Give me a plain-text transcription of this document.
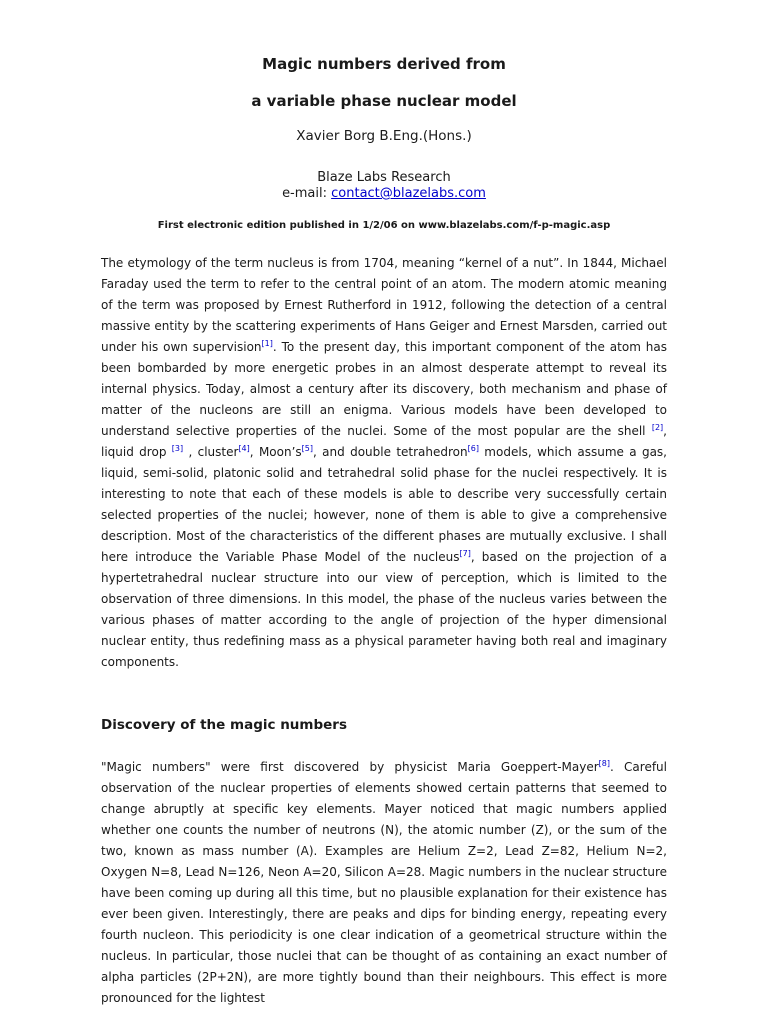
Magic numbers derived from
a variable phase nuclear model
Xavier Borg B.Eng.(Hons.)
Blaze Labs Research
e-mail: contact@blazelabs.com
First electronic edition published in 1/2/06 on www.blazelabs.com/f-p-magic.asp

The etymology of the term nucleus is from 1704, meaning “kernel of a nut”. In 1844, Michael Faraday used the term to refer to the central point of an atom. The modern atomic meaning of the term was proposed by Ernest Rutherford in 1912, following the detection of a central massive entity by the scattering experiments of Hans Geiger and Ernest Marsden, carried out under his own supervision[1]. To the present day, this important component of the atom has been bombarded by more energetic probes in an almost desperate attempt to reveal its internal physics. Today, almost a century after its discovery, both mechanism and phase of matter of the nucleons are still an enigma. Various models have been developed to understand selective properties of the nuclei. Some of the most popular are the shell [2], liquid drop [3] , cluster[4], Moon’s[5], and double tetrahedron[6] models, which assume a gas, liquid, semi-solid, platonic solid and tetrahedral solid phase for the nuclei respectively. It is interesting to note that each of these models is able to describe very successfully certain selected properties of the nuclei; however, none of them is able to give a comprehensive description. Most of the characteristics of the different phases are mutually exclusive. I shall here introduce the Variable Phase Model of the nucleus[7], based on the projection of a hypertetrahedral nuclear structure into our view of perception, which is limited to the observation of three dimensions. In this model, the phase of the nucleus varies between the various phases of matter according to the angle of projection of the hyper dimensional nuclear entity, thus redefining mass as a physical parameter having both real and imaginary components.

Discovery of the magic numbers

"Magic numbers" were first discovered by physicist Maria Goeppert-Mayer[8]. Careful observation of the nuclear properties of elements showed certain patterns that seemed to change abruptly at specific key elements. Mayer noticed that magic numbers applied whether one counts the number of neutrons (N), the atomic number (Z), or the sum of the two, known as mass number (A). Examples are Helium Z=2, Lead Z=82, Helium N=2, Oxygen N=8, Lead N=126, Neon A=20, Silicon A=28. Magic numbers in the nuclear structure have been coming up during all this time, but no plausible explanation for their existence has ever been given. Interestingly, there are peaks and dips for binding energy, repeating every fourth nucleon. This periodicity is one clear indication of a geometrical structure within the nucleus. In particular, those nuclei that can be thought of as containing an exact number of alpha particles (2P+2N), are more tightly bound than their neighbours. This effect is more pronounced for the lightest
